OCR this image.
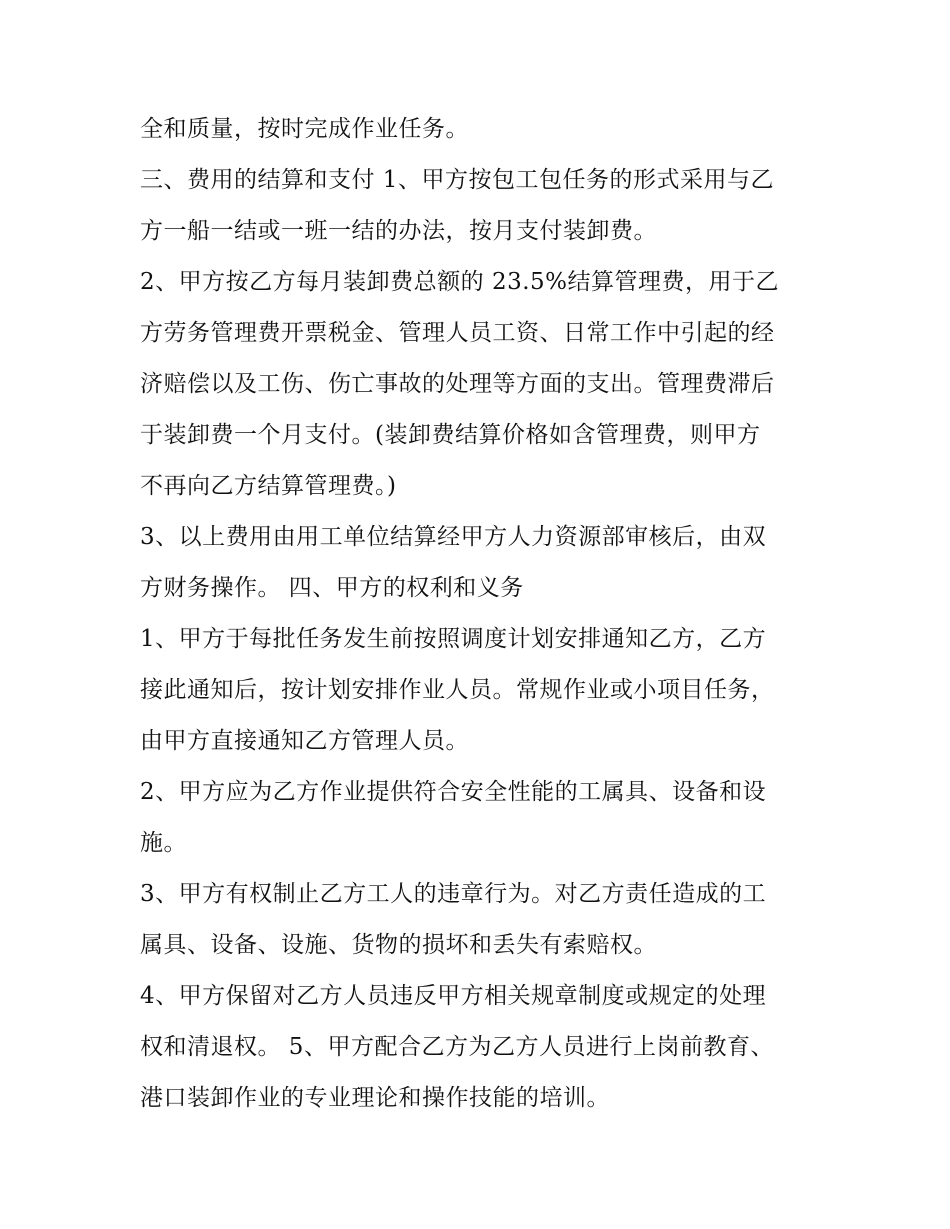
全和质量，按时完成作业任务。
三、费用的结算和支付 1、甲方按包工包任务的形式采用与乙
方一船一结或一班一结的办法，按月支付装卸费。
2、甲方按乙方每月装卸费总额的 23.5%结算管理费，用于乙
方劳务管理费开票税金、管理人员工资、日常工作中引起的经
济赔偿以及工伤、伤亡事故的处理等方面的支出。管理费滞后
于装卸费一个月支付。(装卸费结算价格如含管理费，则甲方
不再向乙方结算管理费。)
3、以上费用由用工单位结算经甲方人力资源部审核后，由双
方财务操作。 四、甲方的权利和义务
1、甲方于每批任务发生前按照调度计划安排通知乙方，乙方
接此通知后，按计划安排作业人员。常规作业或小项目任务，
由甲方直接通知乙方管理人员。
2、甲方应为乙方作业提供符合安全性能的工属具、设备和设
施。
3、甲方有权制止乙方工人的违章行为。对乙方责任造成的工
属具、设备、设施、货物的损坏和丢失有索赔权。
4、甲方保留对乙方人员违反甲方相关规章制度或规定的处理
权和清退权。 5、甲方配合乙方为乙方人员进行上岗前教育、
港口装卸作业的专业理论和操作技能的培训。
